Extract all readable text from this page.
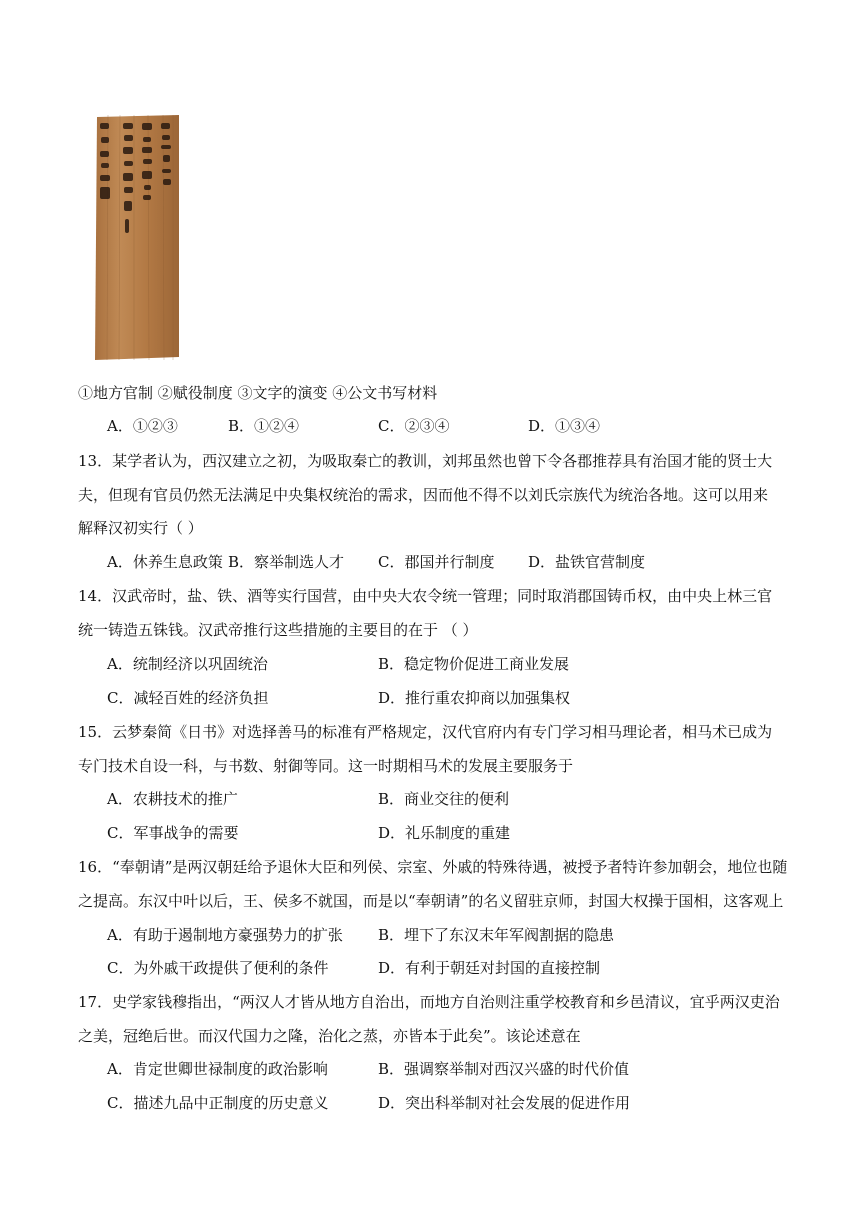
①地方官制 ②赋役制度 ③文字的演变 ④公文书写材料
A．①②③	B．①②④	C．②③④	D．①③④
13．某学者认为，西汉建立之初，为吸取秦亡的教训，刘邦虽然也曾下令各郡推荐具有治国才能的贤士大
夫，但现有官员仍然无法满足中央集权统治的需求，因而他不得不以刘氏宗族代为统治各地。这可以用来
解释汉初实行（ ）
A．休养生息政策 B．察举制选人才 C．郡国并行制度 D．盐铁官营制度
14．汉武帝时，盐、铁、酒等实行国营，由中央大农令统一管理；同时取消郡国铸币权，由中央上林三官
统一铸造五铢钱。汉武帝推行这些措施的主要目的在于 （ ）
A．统制经济以巩固统治	B．稳定物价促进工商业发展
C．减轻百姓的经济负担	D．推行重农抑商以加强集权
15．云梦秦简《日书》对选择善马的标准有严格规定，汉代官府内有专门学习相马理论者，相马术已成为
专门技术自设一科，与书数、射御等同。这一时期相马术的发展主要服务于
A．农耕技术的推广	B．商业交往的便利
C．军事战争的需要	D．礼乐制度的重建
16．“奉朝请”是两汉朝廷给予退休大臣和列侯、宗室、外戚的特殊待遇，被授予者特许参加朝会，地位也随
之提高。东汉中叶以后，王、侯多不就国，而是以“奉朝请”的名义留驻京师，封国大权操于国相，这客观上
A．有助于遏制地方豪强势力的扩张 B．埋下了东汉末年军阀割据的隐患
C．为外戚干政提供了便利的条件	D．有利于朝廷对封国的直接控制
17．史学家钱穆指出，“两汉人才皆从地方自治出，而地方自治则注重学校教育和乡邑清议，宜乎两汉吏治
之美，冠绝后世。而汉代国力之隆，治化之蒸，亦皆本于此矣”。该论述意在
A．肯定世卿世禄制度的政治影响	B．强调察举制对西汉兴盛的时代价值
C．描述九品中正制度的历史意义	D．突出科举制对社会发展的促进作用
